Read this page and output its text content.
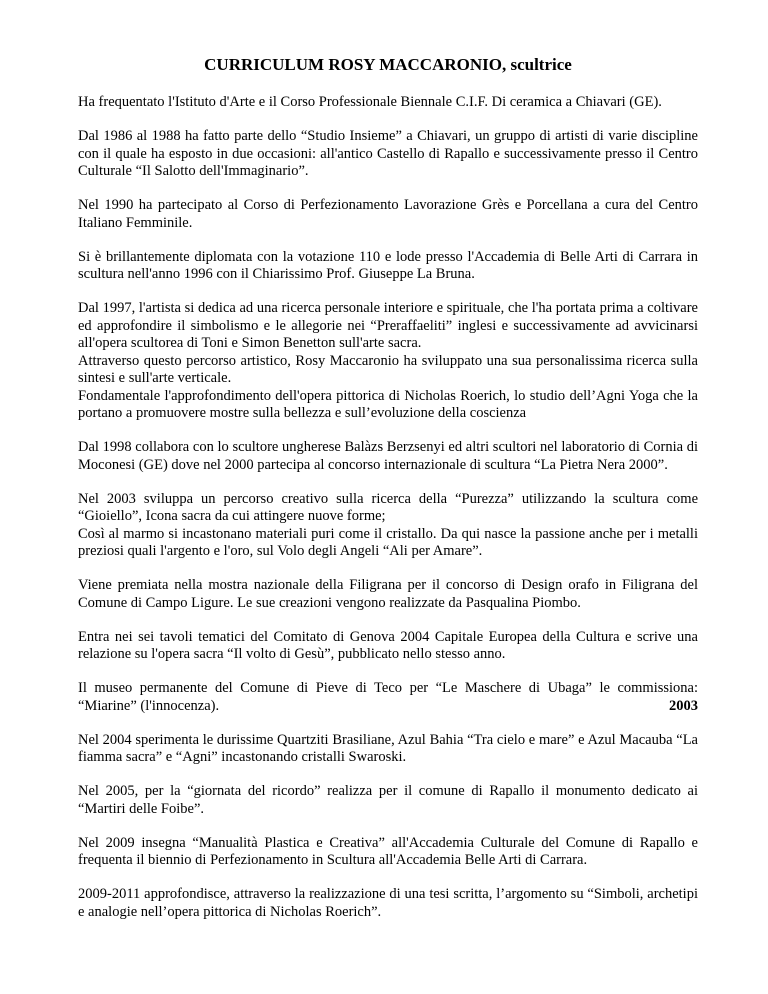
CURRICULUM ROSY MACCARONIO, scultrice

Ha frequentato l'Istituto d'Arte e il Corso Professionale Biennale C.I.F. Di ceramica a Chiavari (GE).

Dal 1986 al 1988 ha fatto parte dello “Studio Insieme” a Chiavari, un gruppo di artisti di varie discipline con il quale ha esposto in due occasioni: all'antico Castello di Rapallo e successivamente presso il Centro Culturale “Il Salotto dell'Immaginario”.

Nel 1990 ha partecipato al Corso di Perfezionamento Lavorazione Grès e Porcellana a cura del Centro Italiano Femminile.

Si è brillantemente diplomata con la votazione 110 e lode presso l'Accademia di Belle Arti di Carrara in scultura nell'anno 1996 con il Chiarissimo Prof. Giuseppe La Bruna.

Dal 1997, l'artista si dedica ad una ricerca personale interiore e spirituale, che l'ha portata prima a coltivare ed approfondire il simbolismo e le allegorie nei “Preraffaeliti” inglesi e successivamente ad avvicinarsi all'opera scultorea di Toni e Simon Benetton sull'arte sacra.
Attraverso questo percorso artistico, Rosy Maccaronio ha sviluppato una sua personalissima ricerca sulla sintesi e sull'arte verticale.
Fondamentale l'approfondimento dell'opera pittorica di Nicholas Roerich, lo studio dell’Agni Yoga che la portano a promuovere mostre sulla bellezza e sull’evoluzione della coscienza

Dal 1998 collabora con lo scultore ungherese Balàzs Berzsenyi ed altri scultori nel laboratorio di Cornia di Moconesi (GE) dove nel 2000 partecipa al concorso internazionale di scultura “La Pietra Nera 2000”.

Nel 2003 sviluppa un percorso creativo sulla ricerca della “Purezza” utilizzando la scultura come “Gioiello”, Icona sacra da cui attingere nuove forme;
Così al marmo si incastonano materiali puri come il cristallo. Da qui nasce la passione anche per i metalli preziosi quali l'argento e l'oro, sul Volo degli Angeli “Ali per Amare”.

Viene premiata nella mostra nazionale della Filigrana per il concorso di Design orafo in Filigrana del Comune di Campo Ligure. Le sue creazioni vengono realizzate da Pasqualina Piombo.

Entra nei sei tavoli tematici del Comitato di Genova 2004 Capitale Europea della Cultura e scrive una relazione su l'opera sacra “Il volto di Gesù”, pubblicato nello stesso anno.

Il museo permanente del Comune di Pieve di Teco per “Le Maschere di Ubaga” le commissiona: “Miarine” (l'innocenza).	2003

Nel 2004 sperimenta le durissime Quartziti Brasiliane, Azul Bahia “Tra cielo e mare” e Azul Macauba “La fiamma sacra” e “Agni” incastonando cristalli Swaroski.

Nel 2005, per la “giornata del ricordo” realizza per il comune di Rapallo il monumento dedicato ai “Martiri delle Foibe”.

Nel 2009 insegna “Manualità Plastica e Creativa” all'Accademia Culturale del Comune di Rapallo e frequenta il biennio di Perfezionamento in Scultura all'Accademia Belle Arti di Carrara.

2009-2011 approfondisce, attraverso la realizzazione di una tesi scritta, l’argomento su “Simboli, archetipi e analogie nell’opera pittorica di Nicholas Roerich”.
